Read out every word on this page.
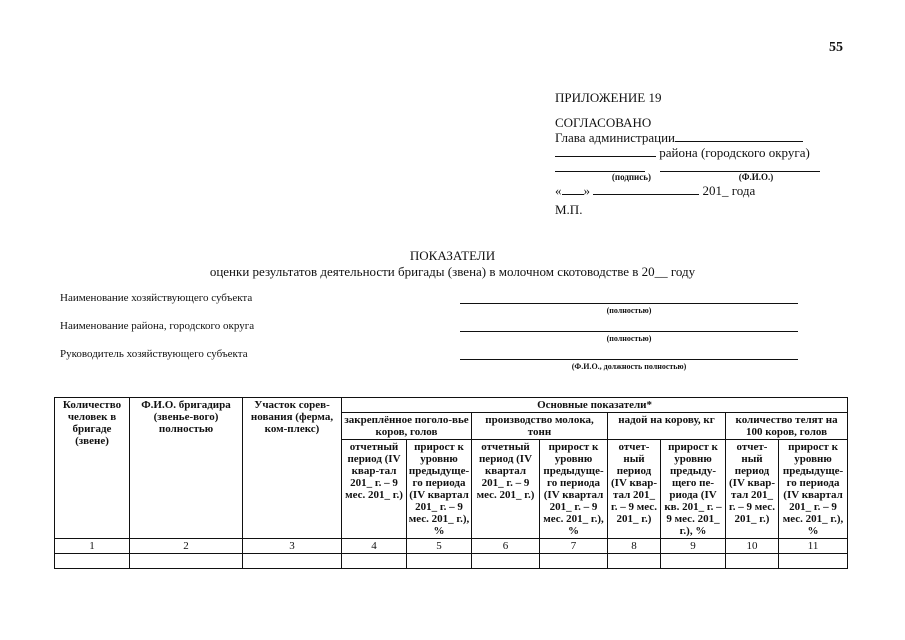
55
ПРИЛОЖЕНИЕ 19
СОГЛАСОВАНО
Глава администрации
района (городского округа)

(подпись)	(Ф.И.О.)
« »	201_ года
М.П.
ПОКАЗАТЕЛИ
оценки результатов деятельности бригады (звена) в молочном скотоводстве в 20__ году
Наименование хозяйствующего субъекта
(полностью)
Наименование района, городского округа
(полностью)
Руководитель хозяйствующего субъекта
(Ф.И.О., должность полностью)
Количество человек в бригаде (звене)	Ф.И.О. бригадира (звенье-вого) полностью	Участок сорев-нования (ферма, ком-плекс)	Основные показатели*							
			закреплённое поголо-вье коров, голов		производство молока, тонн		надой на корову, кг		количество телят на 100 коров, голов	
			отчетный период (IV квар-тал 201_ г. – 9 мес. 201_ г.)	прирост к уровню предыдуще-го периода (IV квартал 201_ г. – 9 мес. 201_ г.), %	отчетный период (IV квартал 201_ г. – 9 мес. 201_ г.)	прирост к уровню предыдуще-го периода (IV квартал 201_ г. – 9 мес. 201_ г.), %	отчет-ный период (IV квар-тал 201_ г. – 9 мес. 201_ г.)	прирост к уровню предыду-щего пе-риода (IV кв. 201_ г. – 9 мес. 201_ г.), %	отчет-ный период (IV квар-тал 201_ г. – 9 мес. 201_ г.)	прирост к уровню предыдуще-го периода (IV квартал 201_ г. – 9 мес. 201_ г.), %
1	2	3	4	5	6	7	8	9	10	11
